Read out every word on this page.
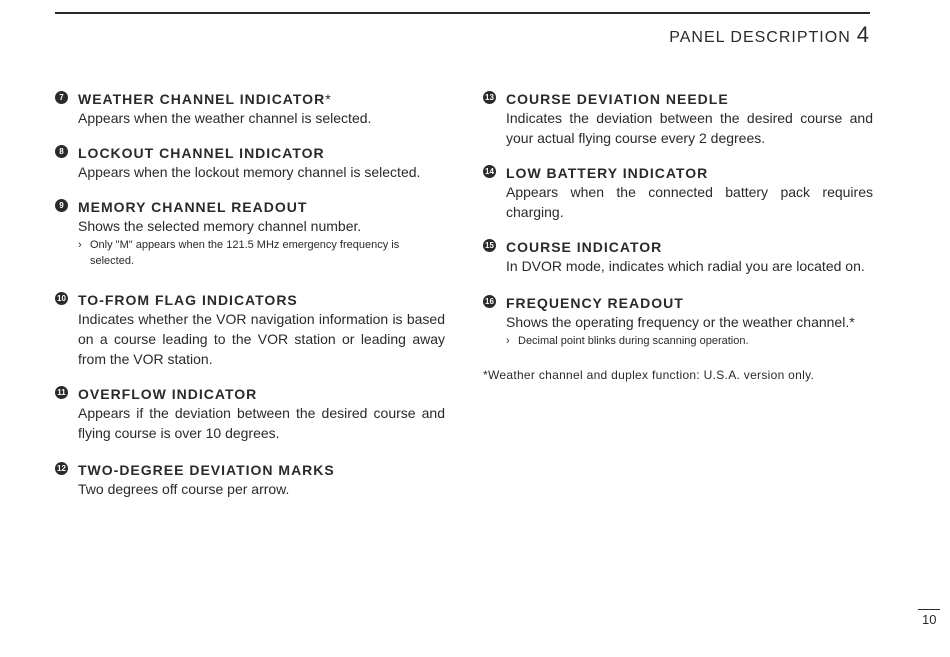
PANEL DESCRIPTION 4
7	WEATHER CHANNEL INDICATOR*
Appears when the weather channel is selected.
8	LOCKOUT CHANNEL INDICATOR
Appears when the lockout memory channel is selected.
9	MEMORY CHANNEL READOUT
Shows the selected memory channel number.
› Only "M" appears when the 121.5 MHz emergency frequency is selected.
10 TO-FROM FLAG INDICATORS
Indicates whether the VOR navigation information is based on a course leading to the VOR station or leading away from the VOR station.
11 OVERFLOW INDICATOR
Appears if the deviation between the desired course and flying course is over 10 degrees.
12 TWO-DEGREE DEVIATION MARKS
Two degrees off course per arrow.
13 COURSE DEVIATION NEEDLE
Indicates the deviation between the desired course and your actual flying course every 2 degrees.
14 LOW BATTERY INDICATOR
Appears when the connected battery pack requires charging.
15 COURSE INDICATOR
In DVOR mode, indicates which radial you are located on.
16 FREQUENCY READOUT
Shows the operating frequency or the weather channel.*
› Decimal point blinks during scanning operation.
*Weather channel and duplex function: U.S.A. version only.
10
